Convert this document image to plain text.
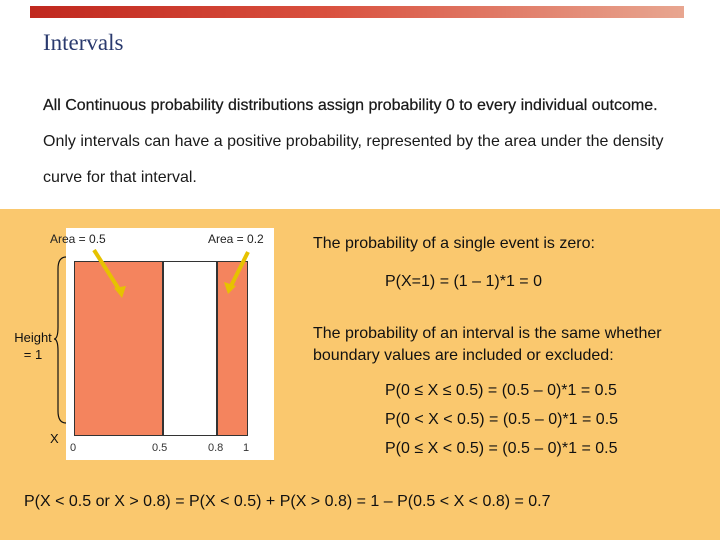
Intervals
All Continuous probability distributions assign probability 0 to every individual outcome. Only intervals can have a positive probability, represented by the area under the density curve for that interval.
Area = 0.5	Area = 0.2
0	0.5	0.8 1
Height
= 1
X
The probability of a single event is zero:
P(X=1) = (1 – 1)*1 = 0
The probability of an interval is the same whether boundary values are included or excluded:
P(0 ≤ X ≤ 0.5) = (0.5 – 0)*1 = 0.5
P(0 < X < 0.5) = (0.5 – 0)*1 = 0.5
P(0 ≤ X < 0.5) = (0.5 – 0)*1 = 0.5
P(X < 0.5 or X > 0.8) = P(X < 0.5) + P(X > 0.8) = 1 – P(0.5 < X < 0.8) = 0.7
